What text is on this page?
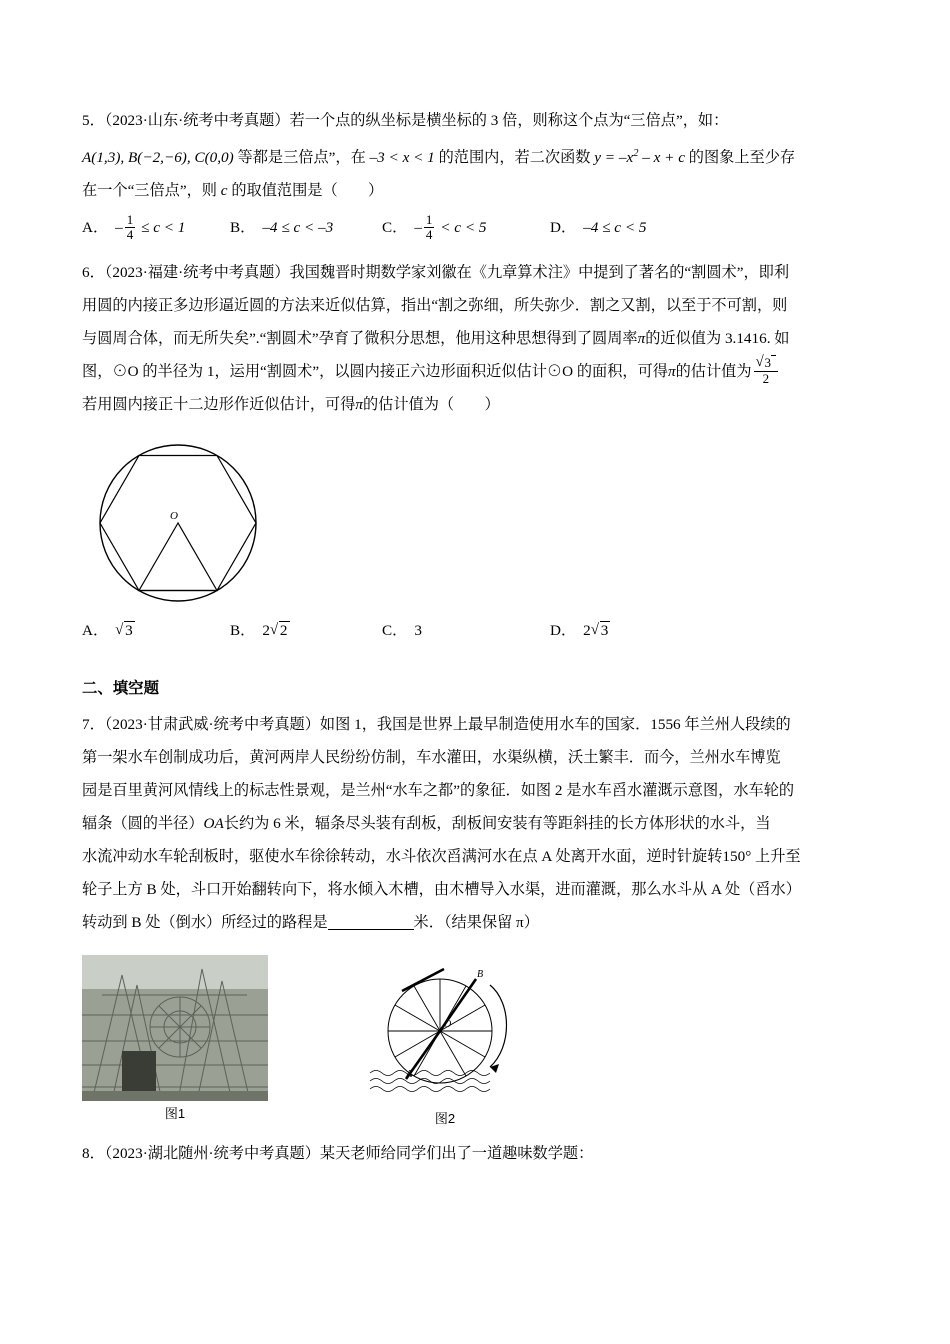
5．（2023·山东·统考中考真题）若一个点的纵坐标是横坐标的 3 倍，则称这个点为“三倍点”，如：
A(1,3), B(−2,−6), C(0,0) 等都是三倍点”，在 –3 < x < 1 的范围内，若二次函数 $y = -x^2 - x + c$ 的图象上至少存
在一个“三倍点”，则 c 的取值范围是（　　）
A． – $\frac{1}{4} \le c < 1$	B． –4 ≤ c < –3	C． – $\frac{1}{4} < c < 5$	D． –4 ≤ c < 5
6．（2023·福建·统考中考真题）我国魏晋时期数学家刘徽在《九章算术注》中提到了著名的“割圆术”，即利
用圆的内接正多边形逼近圆的方法来近似估算，指出“割之弥细，所失弥少．割之又割，以至于不可割，则
与圆周合体，而无所失矣”.“割圆术”孕育了微积分思想，他用这种思想得到了圆周率π的近似值为 3.1416. 如
图，⊙O 的半径为 1，运用“割圆术”，以圆内接正六边形面积近似估计⊙O 的面积，可得π的估计值为 √ $\frac{3}{2}$
若用圆内接正十二边形作近似估计，可得π的估计值为（　　）
O
A．	√ 3	B． 2 √ 2	C． 3	D． 2 √ 3
二、填空题
7．（2023·甘肃武威·统考中考真题）如图 1，我国是世界上最早制造使用水车的国家．1556 年兰州人段续的
第一架水车创制成功后，黄河两岸人民纷纷仿制，车水灌田，水渠纵横，沃土繁丰．而今，兰州水车博览
园是百里黄河风情线上的标志性景观，是兰州“水车之都”的象征．如图 2 是水车舀水灌溉示意图，水车轮的
辐条（圆的半径）OA长约为 6 米，辐条尽头装有刮板，刮板间安装有等距斜挂的长方体形状的水斗，当
水流冲动水车轮刮板时，驱使水车徐徐转动，水斗依次舀满河水在点 A 处离开水面，逆时针旋转150° 上升至
轮子上方 B 处，斗口开始翻转向下，将水倾入木槽，由木槽导入水渠，进而灌溉，那么水斗从 A 处（舀水）
转动到 B 处（倒水）所经过的路程是	米．（结果保留 π）
图1
B
O
A
图2
8．（2023·湖北随州·统考中考真题）某天老师给同学们出了一道趣味数学题：
